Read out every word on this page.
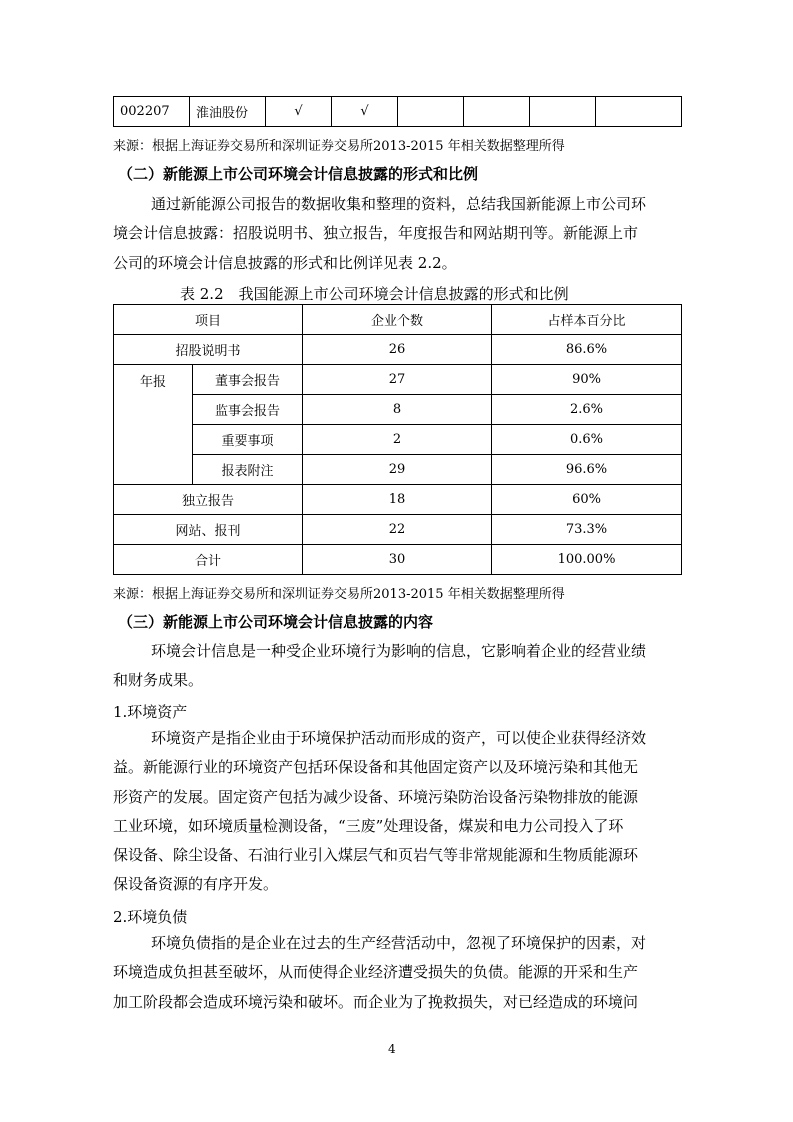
002207	淮油股份	√	√				
来源：根据上海证券交易所和深圳证券交易所2013-2015 年相关数据整理所得
（二）新能源上市公司环境会计信息披露的形式和比例
通过新能源公司报告的数据收集和整理的资料，总结我国新能源上市公司环
境会计信息披露：招股说明书、独立报告，年度报告和网站期刊等。新能源上市
公司的环境会计信息披露的形式和比例详见表 2.2。
表 2.2　我国能源上市公司环境会计信息披露的形式和比例
项目		企业个数	占样本百分比
招股说明书		26	86.6%
年报	董事会报告	27	90%
	监事会报告	8	2.6%
	重要事项	2	0.6%
	报表附注	29	96.6%
独立报告		18	60%
网站、报刊		22	73.3%
合计		30	100.00%
来源：根据上海证券交易所和深圳证券交易所2013-2015 年相关数据整理所得
（三）新能源上市公司环境会计信息披露的内容
环境会计信息是一种受企业环境行为影响的信息，它影响着企业的经营业绩
和财务成果。
1.环境资产
环境资产是指企业由于环境保护活动而形成的资产，可以使企业获得经济效
益。新能源行业的环境资产包括环保设备和其他固定资产以及环境污染和其他无
形资产的发展。固定资产包括为减少设备、环境污染防治设备污染物排放的能源
工业环境，如环境质量检测设备，“三废”处理设备，煤炭和电力公司投入了环
保设备、除尘设备、石油行业引入煤层气和页岩气等非常规能源和生物质能源环
保设备资源的有序开发。
2.环境负债
环境负债指的是企业在过去的生产经营活动中，忽视了环境保护的因素，对
环境造成负担甚至破坏，从而使得企业经济遭受损失的负债。能源的开采和生产
加工阶段都会造成环境污染和破坏。而企业为了挽救损失，对已经造成的环境问
4
